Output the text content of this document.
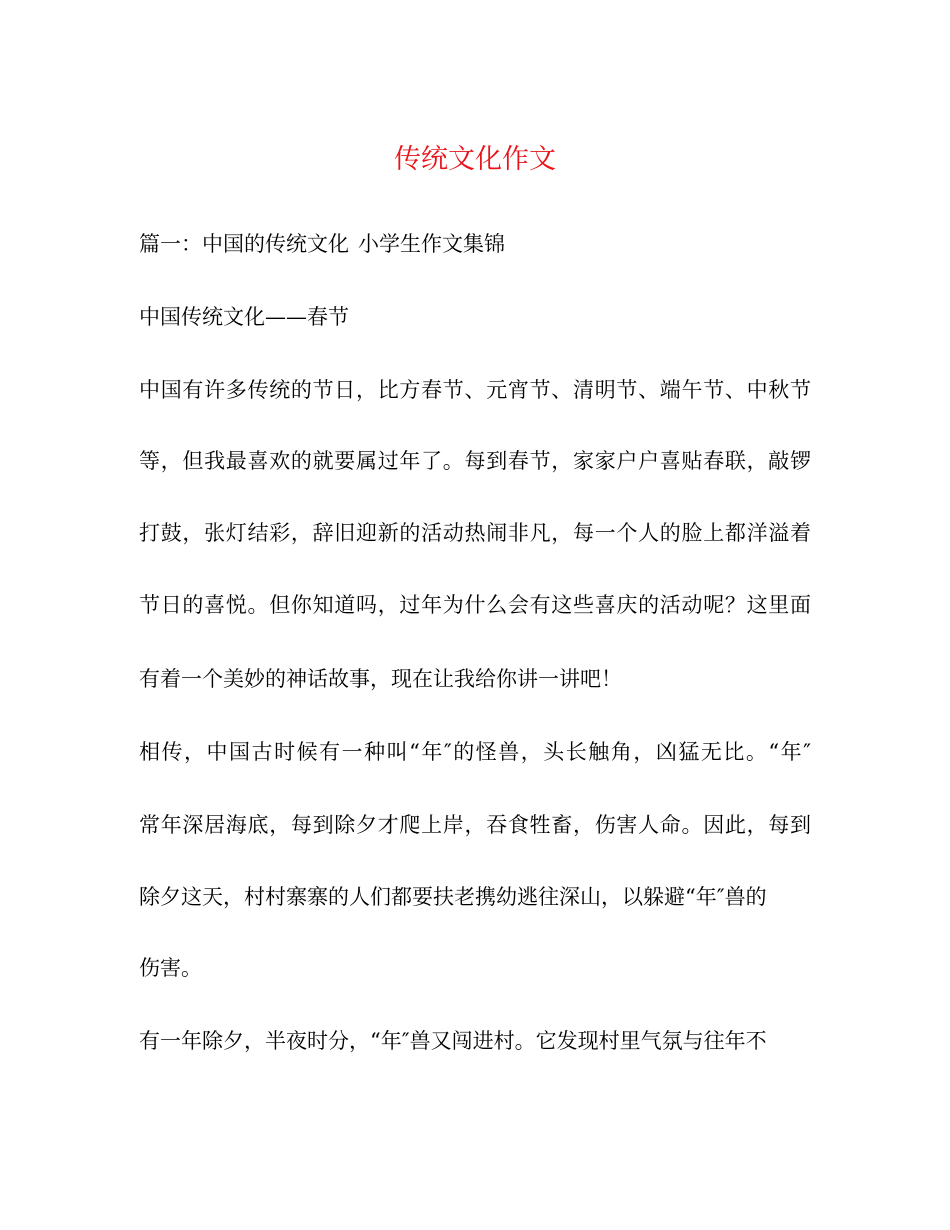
传统文化作文
篇一：中国的传统文化 小学生作文集锦
中国传统文化——春节
中国有许多传统的节日，比方春节、元宵节、清明节、端午节、中秋节
等，但我最喜欢的就要属过年了。每到春节，家家户户喜贴春联，敲锣
打鼓，张灯结彩，辞旧迎新的活动热闹非凡，每一个人的脸上都洋溢着
节日的喜悦。但你知道吗，过年为什么会有这些喜庆的活动呢？这里面
有着一个美妙的神话故事，现在让我给你讲一讲吧！
相传，中国古时候有一种叫“年″的怪兽，头长触角，凶猛无比。“年″
常年深居海底，每到除夕才爬上岸，吞食牲畜，伤害人命。因此，每到
除夕这天，村村寨寨的人们都要扶老携幼逃往深山，以躲避“年″兽的
伤害。
有一年除夕，半夜时分，“年″兽又闯进村。它发现村里气氛与往年不
